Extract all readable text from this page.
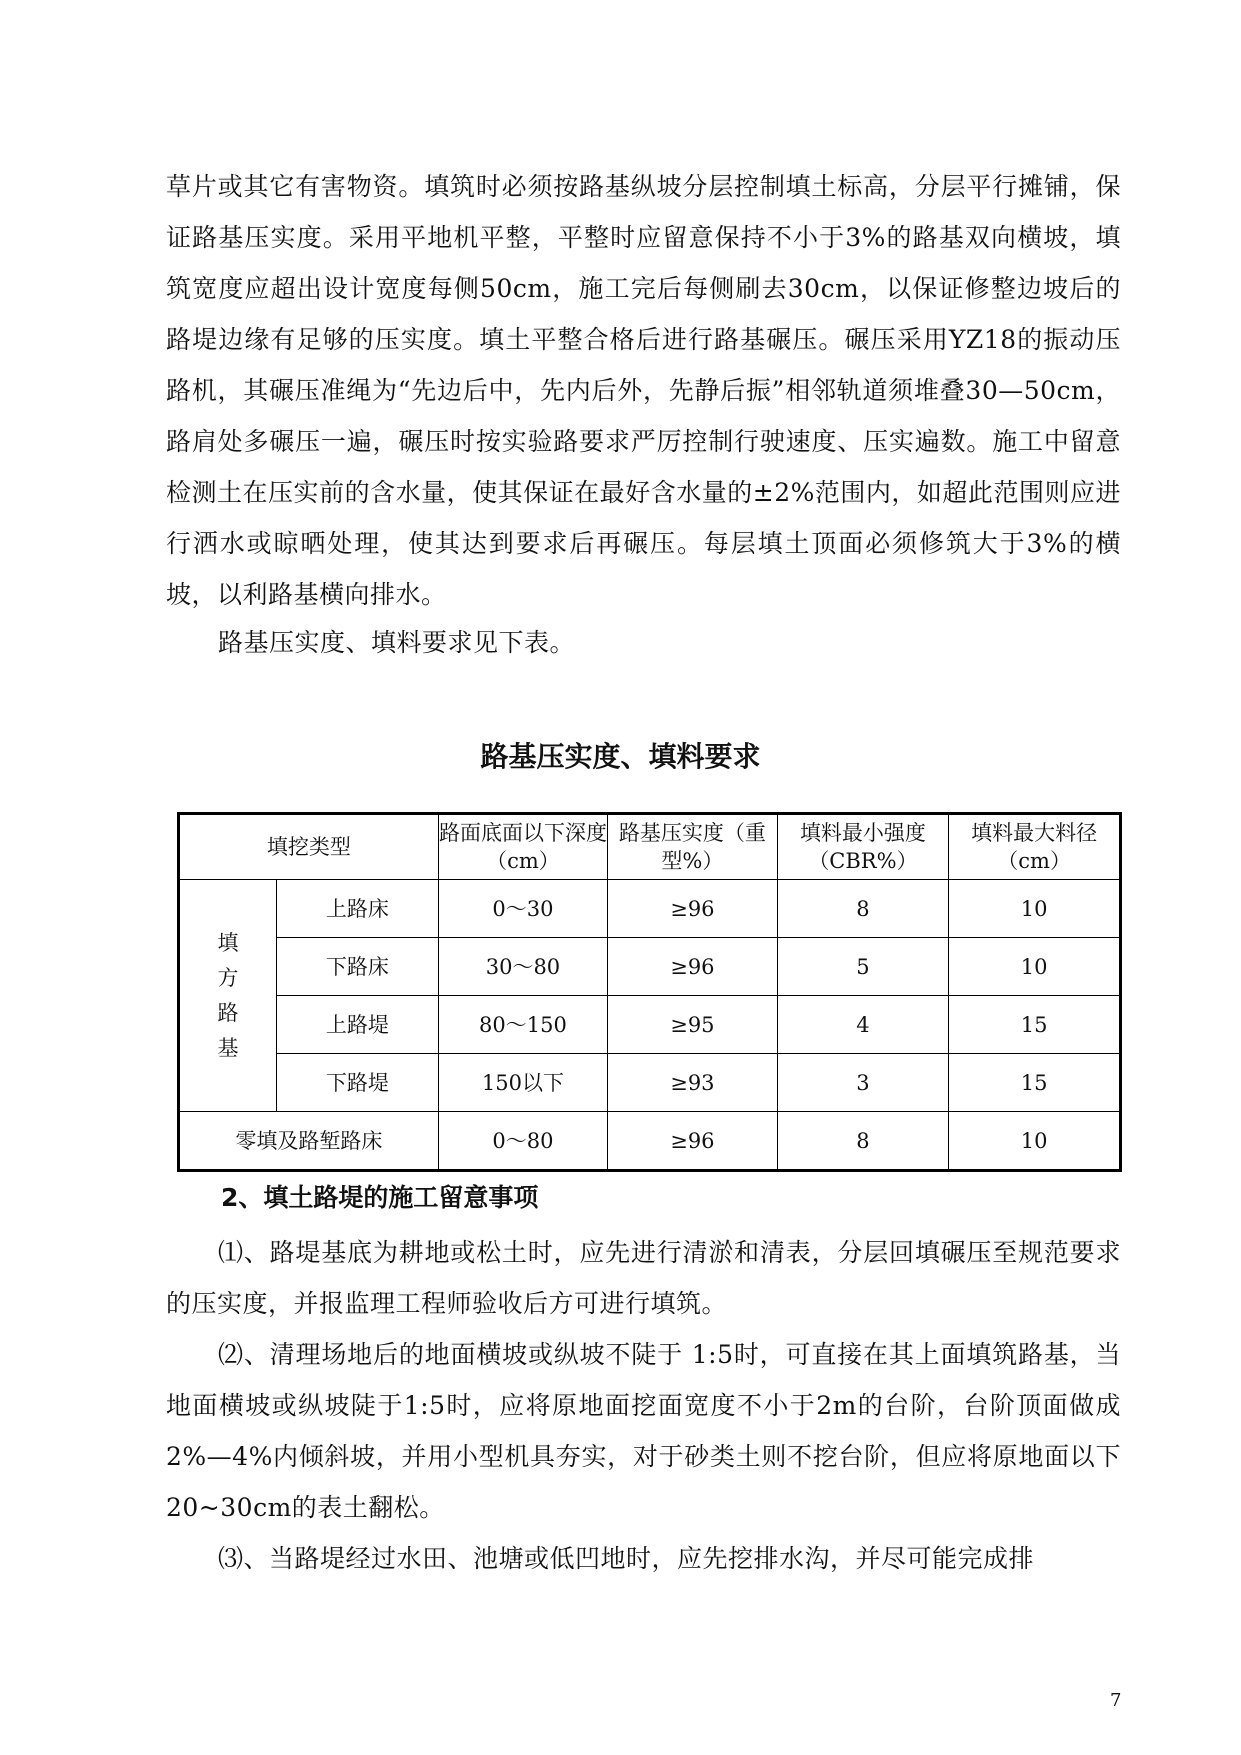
草片或其它有害物资。填筑时必须按路基纵坡分层控制填土标高，分层平行摊铺，保证路基压实度。采用平地机平整，平整时应留意保持不小于3%的路基双向横坡，填筑宽度应超出设计宽度每侧50cm，施工完后每侧刷去30cm，以保证修整边坡后的路堤边缘有足够的压实度。填土平整合格后进行路基碾压。碾压采用YZ18的振动压路机，其碾压准绳为“先边后中，先内后外，先静后振”相邻轨道须堆叠30—50cm，路肩处多碾压一遍，碾压时按实验路要求严厉控制行驶速度、压实遍数。施工中留意检测土在压实前的含水量，使其保证在最好含水量的±2%范围内，如超此范围则应进行洒水或晾晒处理，使其达到要求后再碾压。每层填土顶面必须修筑大于3%的横坡，以利路基横向排水。

路基压实度、填料要求见下表。

路基压实度、填料要求
填挖类型		路面底面以下深度（cm）	路基压实度（重型%）	填料最小强度（CBR%）	填料最大料径（cm）
填方路基	上路床	0～30	≥96	8	10
	下路床	30～80	≥96	5	10
	上路堤	80～150	≥95	4	15
	下路堤	150以下	≥93	3	15
零填及路堑路床		0～80	≥96	8	10
2、填土路堤的施工留意事项

⑴、路堤基底为耕地或松土时，应先进行清淤和清表，分层回填碾压至规范要求的压实度，并报监理工程师验收后方可进行填筑。

⑵、清理场地后的地面横坡或纵坡不陡于 1:5时，可直接在其上面填筑路基，当地面横坡或纵坡陡于1:5时，应将原地面挖面宽度不小于2m的台阶，台阶顶面做成2%—4%内倾斜坡，并用小型机具夯实，对于砂类土则不挖台阶，但应将原地面以下20~30cm的表土翻松。

⑶、当路堤经过水田、池塘或低凹地时，应先挖排水沟，并尽可能完成排

7
